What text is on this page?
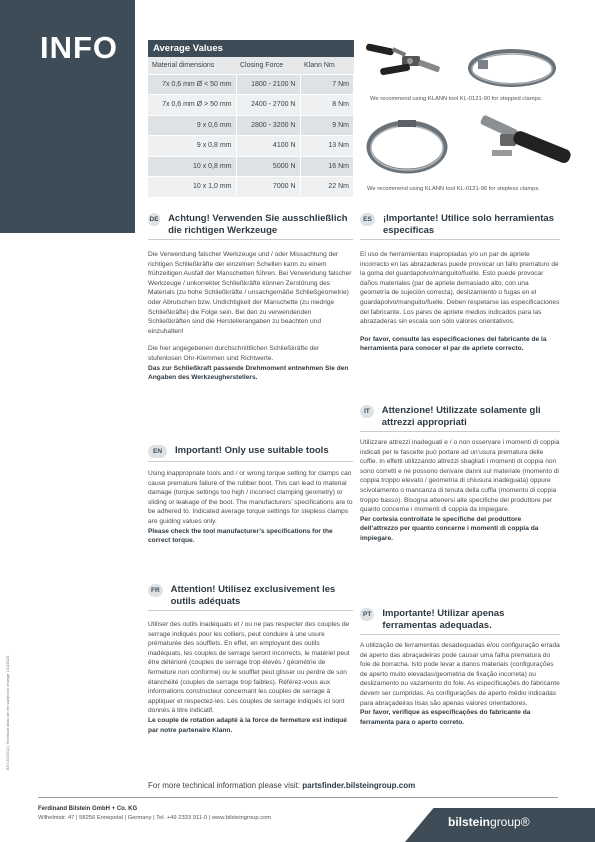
INFO
BGI 2022/11 | Technical data can be subject to change | 01/2024
Average Values
Material dimensions	Closing Force	Klann Nm
7x 0,6 mm Ø < 50 mm	1800 - 2100 N	7 Nm
7x 0,6 mm Ø > 50 mm	2400 - 2700 N	8 Nm
9 x 0,6 mm	2800 - 3200 N	9 Nm
9 x 0,8 mm	4100 N	13 Nm
10 x 0,8 mm	5000 N	16 Nm
10 x 1,0 mm	7000 N	22 Nm
We recommend using KLANN tool KL-0121-90 for stepped clamps.
We recommend using KLANN tool KL-0121-96 for stepless clamps.
DE Achtung! Verwenden Sie ausschließlich die richtigen Werkzeuge

Die Verwendung falscher Werkzeuge und / oder Missachtung der richtigen Schließkräfte der einzelnen Schellen kann zu einem frühzeitigen Ausfall der Manschetten führen. Bei Verwendung falscher Werkzeuge / unkorrekter Schließkräfte können Zerstörung des Materials (zu hohe Schließkräfte / unsachgemäße Schließgeometrie) oder Abrutschen bzw. Undichtigkeit der Manschette (zu niedrige Schließkräfte) die Folge sein. Bei den zu verwendenden Schließkräften sind die Herstellerangaben zu beachten und einzuhalten!

Die hier angegebenen durchschnittlichen Schließkräfte der stufenlosen Ohr-Klemmen sind Richtwerte.
Das zur Schließkraft passende Drehmoment entnehmen Sie den Angaben des Werkzeugherstellers.

EN	Important! Only use suitable tools

Using inappropriate tools and / or wrong torque setting for clamps can cause premature failure of the rubber boot. This can lead to material damage (torque settings too high / incorrect clamping geometry) or sliding or leakage of the boot. The manufacturers’ specifications are to be adhered to. Indicated average torque settings for stepless clamps are guiding values only.
Please check the tool manufacturer’s specifications for the correct torque.

FR	Attention! Utilisez exclusivement les outils adéquats

Utiliser des outils inadéquats et / ou ne pas respecter des couples de serrage indiqués pour les colliers, peut conduire à une usure prématurée des soufflets. En effet, en employant des outils inadéquats, les couples de serrage seront incorrects, le matériel peut être détérioré (couples de serrage trop élevés / géométrie de fermeture non conforme) ou le soufflet peut glisser ou perdre de son étanchéité (couples de serrage trop faibles). Référez-vous aux informations constructeur concernant les couples de serrage à appliquer et respectez-les. Les couples de serrage indiqués ici sont donnés à titre indicatif.
Le couple de rotation adapté à la force de fermeture est indiqué par notre partenaire Klann.

ES	¡Importante! Utilice solo herramientas específicas

El uso de herramientas inapropiadas y/o un par de apriete incorrecto en las abrazaderas puede provocar un fallo prematuro de la goma del guardapolvo/manguito/fuelle. Esto puede provocar daños materiales (par de apriete demasiado alto, con una geometría de sujeción correcta), deslizamiento o fugas en el guardapolvo/manguito/fuelle. Deben respetarse las especificaciones del fabricante. Los pares de apriete medios indicados para las abrazaderas sin escala son sólo valores orientativos.

Por favor, consulte las especificaciones del fabricante de la herramienta para conocer el par de apriete correcto.

IT	Attenzione! Utilizzate solamente gli attrezzi appropriati

Utilizzare attrezzi inadeguati e / o non osservare i momenti di coppia indicati per le fascette può portare ad un’usura prematura delle cuffie. In effetti utilizzando attrezzi sbagliati i momenti di coppia non sono corretti e ne possono derivare danni sul materiale (momento di coppia troppo elevato / geometria di chiusura inadeguata) oppure scivolamento o mancanza di tenuta della cuffia (momento di coppia troppo basso). Bisogna attenersi alle specifiche del produttore per quanto concerne i momenti di coppia da impiegare.
Per cortesia controllate le specifiche del produttore dell’attrezzo per quanto concerne i momenti di coppia da impiegare.

PT	Importante! Utilizar apenas ferramentas adequadas.

A utilização de ferramentas desadequadas e/ou configuração errada de aperto das abraçadeiras pode causar uma falha prematura do fole de borracha. Isto pode levar a danos materiais (configurações de aperto muito elevadas/geometria de fixação incorreta) ou deslizamento ou vazamento do fole. As especificações do fabricante devem ser cumpridas. As configurações de aperto médio indicadas para abraçadeiras lisas são apenas valores orientadores.
Por favor, verifique as especificações do fabricante da ferramenta para o aperto correto.

For more technical information please visit: partsfinder.bilsteingroup.com
Ferdinand Bilstein GmbH + Co. KG
Wilhelmstr. 47 | 58256 Ennepetal | Germany | Tel. +49 2333 911-0 | www.bilsteingroup.com	bilsteingroup®
